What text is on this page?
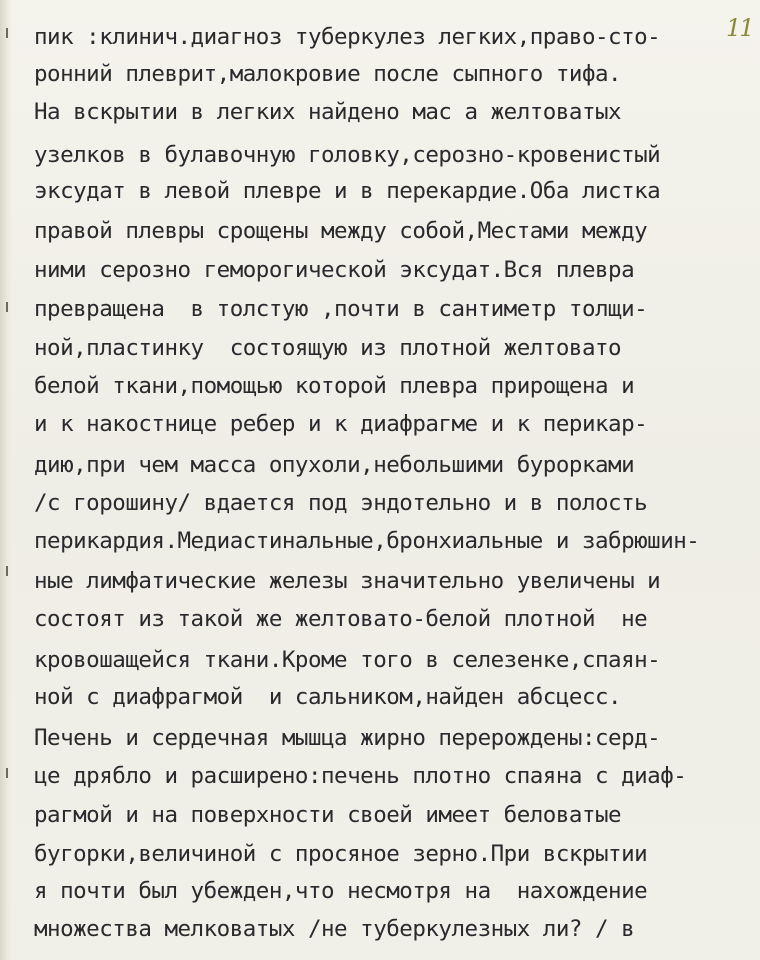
11

пик :клинич.диагноз туберкулез легких,право-сто-

ронний плеврит,малокровие после сыпного тифа.

На вскрытии в легких найдено мас а желтоватых

узелков в булавочную головку,серозно-кровенистый

эксудат в левой плевре и в перекардие.Оба листка

правой плевры срощены между собой,Местами между

ними серозно геморогической эксудат.Вся плевра

превращена  в толстую ,почти в сантиметр толщи-

ной,пластинку  состоящую из плотной желтовато

белой ткани,помощью которой плевра прирощена и

и к накостнице ребер и к диафрагме и к перикар-

дию,при чем масса опухоли,небольшими бурорками

/с горошину/ вдается под эндотельно и в полость

перикардия.Медиастинальные,бронхиальные и забрюшин-

ные лимфатические железы значительно увеличены и

состоят из такой же желтовато-белой плотной  не

кровошащейся ткани.Кроме того в селезенке,спаян-

ной с диафрагмой  и сальником,найден абсцесс.

Печень и сердечная мышца жирно перерождены:серд-

це дрябло и расширено:печень плотно спаяна с диаф-

рагмой и на поверхности своей имеет беловатые

бугорки,величиной с просяное зерно.При вскрытии

я почти был убежден,что несмотря на  нахождение

множества мелковатых /не туберкулезных ли? / в
